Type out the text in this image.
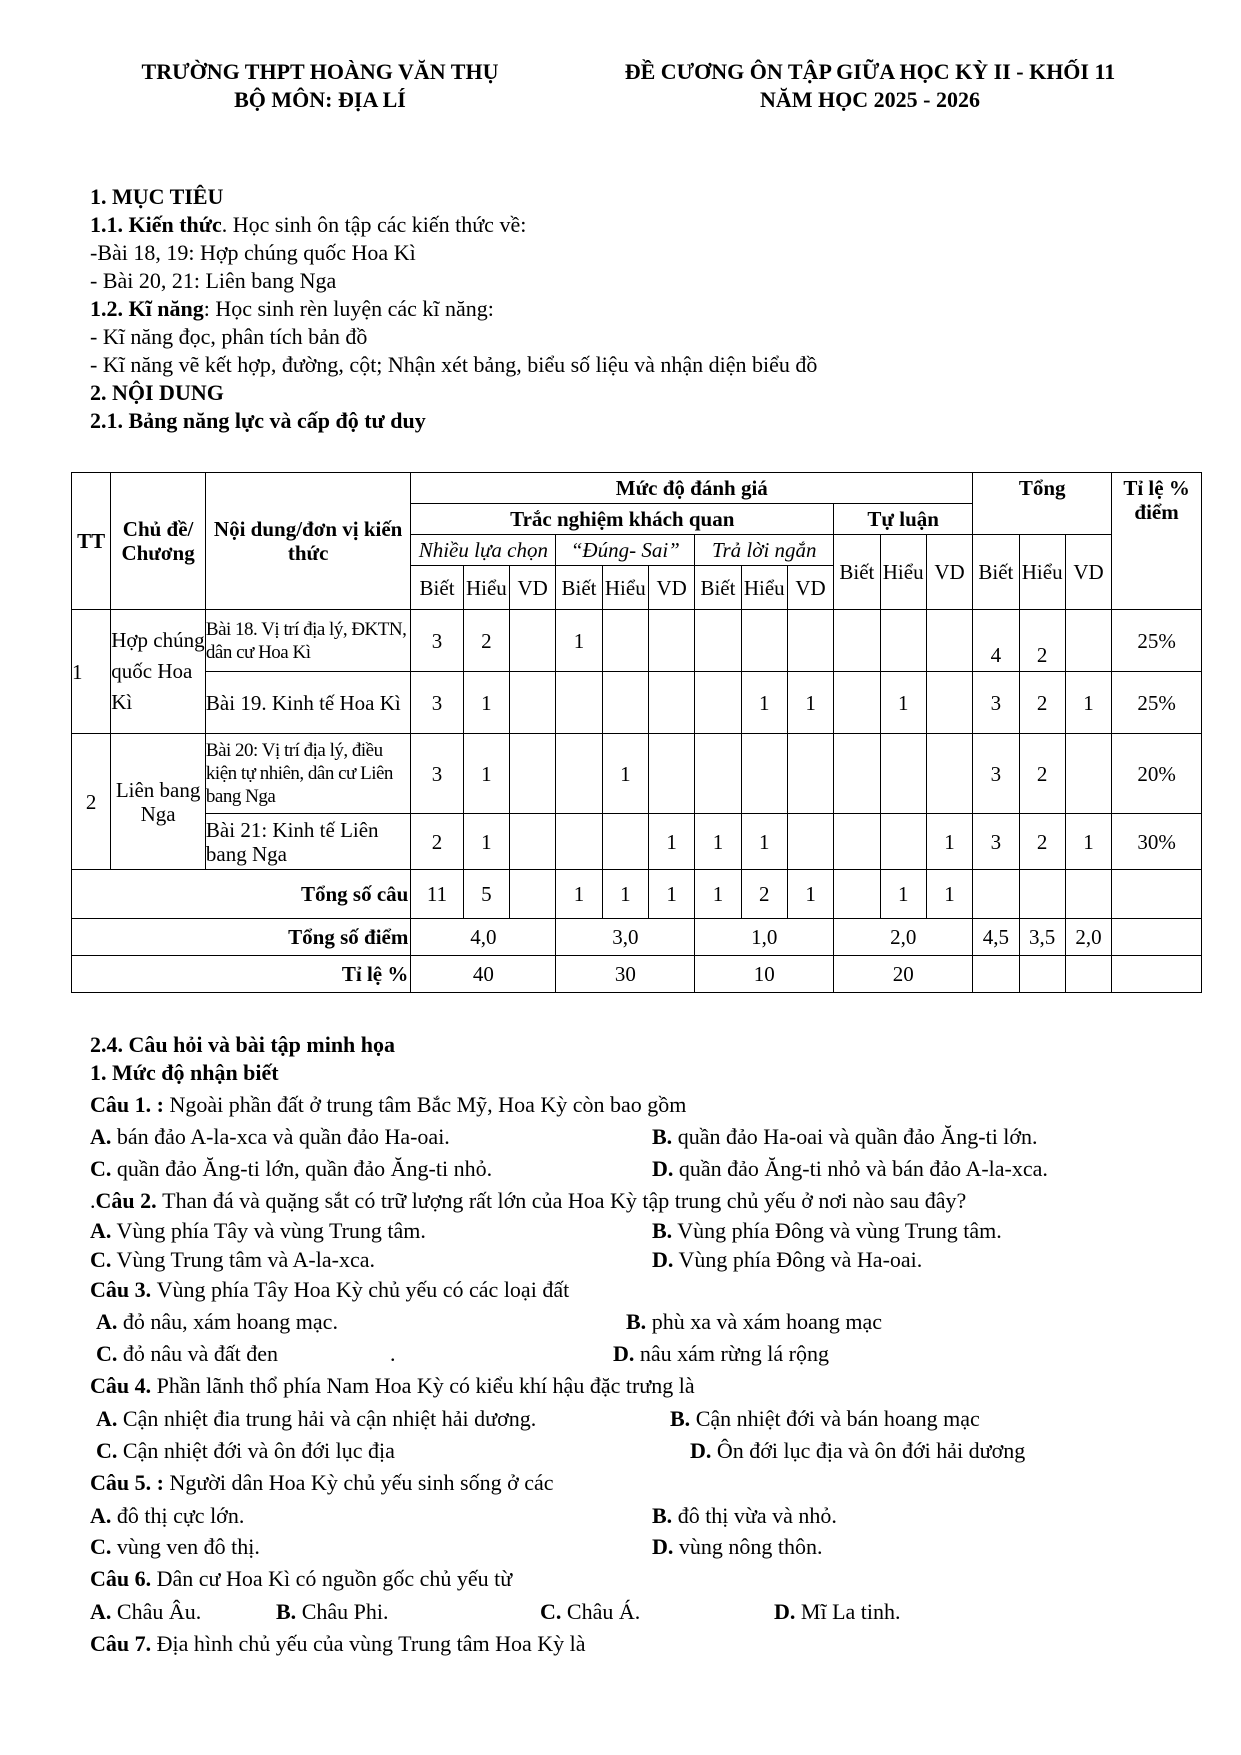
TRƯỜNG THPT HOÀNG VĂN THỤ
BỘ MÔN: ĐỊA LÍ
ĐỀ CƯƠNG ÔN TẬP GIỮA HỌC KỲ II - KHỐI 11
NĂM HỌC 2025 - 2026
1. MỤC TIÊU
1.1. Kiến thức. Học sinh ôn tập các kiến thức về:
-Bài 18, 19: Hợp chúng quốc Hoa Kì
- Bài 20, 21: Liên bang Nga
1.2. Kĩ năng: Học sinh rèn luyện các kĩ năng:
- Kĩ năng đọc, phân tích bản đồ
- Kĩ năng vẽ kết hợp, đường, cột; Nhận xét bảng, biểu số liệu và nhận diện biểu đồ
2. NỘI DUNG
2.1. Bảng năng lực và cấp độ tư duy
TT	Chủ đề/ Chương	Nội dung/đơn vị kiến thức	Mức độ đánh giá												Tổng			Tỉ lệ % điểm
			Trắc nghiệm khách quan									Tự luận						
			Nhiều lựa chọn			“Đúng- Sai”			Trả lời ngắn			Biết	Hiểu	VD	Biết	Hiểu	VD	
			Biết	Hiểu	VD	Biết	Hiểu	VD	Biết	Hiểu	VD							
1	Hợp chúng quốc Hoa Kì	Bài 18. Vị trí địa lý, ĐKTN, dân cư Hoa Kì	3	2		1									4	2		25%
		Bài 19. Kinh tế Hoa Kì	3	1						1	1		1		3	2	1	25%
2	Liên bang Nga	Bài 20: Vị trí địa lý, điều kiện tự nhiên, dân cư Liên bang Nga	3	1			1								3	2		20%
		Bài 21: Kinh tế Liên bang Nga	2	1				1	1	1				1	3	2	1	30%
Tổng số câu			11	5		1	1	1	1	2	1		1	1				
Tổng số điểm			4,0			3,0			1,0			2,0			4,5	3,5	2,0	
Tỉ lệ %			40			30			10			20						
2.4. Câu hỏi và bài tập minh họa
1. Mức độ nhận biết
Câu 1. : Ngoài phần đất ở trung tâm Bắc Mỹ, Hoa Kỳ còn bao gồm
A. bán đảo A-la-xca và quần đảo Ha-oai.	B. quần đảo Ha-oai và quần đảo Ăng-ti lớn.
C. quần đảo Ăng-ti lớn, quần đảo Ăng-ti nhỏ.	D. quần đảo Ăng-ti nhỏ và bán đảo A-la-xca.
.Câu 2. Than đá và quặng sắt có trữ lượng rất lớn của Hoa Kỳ tập trung chủ yếu ở nơi nào sau đây?
A. Vùng phía Tây và vùng Trung tâm.	B. Vùng phía Đông và vùng Trung tâm.
C. Vùng Trung tâm và A-la-xca.	D. Vùng phía Đông và Ha-oai.
Câu 3. Vùng phía Tây Hoa Kỳ chủ yếu có các loại đất
A. đỏ nâu, xám hoang mạc.	B. phù xa và xám hoang mạc
C. đỏ nâu và đất đen	.	D. nâu xám rừng lá rộng
Câu 4. Phần lãnh thổ phía Nam Hoa Kỳ có kiểu khí hậu đặc trưng là
A. Cận nhiệt đia trung hải và cận nhiệt hải dương.	B. Cận nhiệt đới và bán hoang mạc
C. Cận nhiệt đới và ôn đới lục địa	D. Ôn đới lục địa và ôn đới hải dương
Câu 5. : Người dân Hoa Kỳ chủ yếu sinh sống ở các
A. đô thị cực lớn.	B. đô thị vừa và nhỏ.
C. vùng ven đô thị.	D. vùng nông thôn.
Câu 6. Dân cư Hoa Kì có nguồn gốc chủ yếu từ
A. Châu Âu.	B. Châu Phi.	C. Châu Á.	D. Mĩ La tinh.
Câu 7. Địa hình chủ yếu của vùng Trung tâm Hoa Kỳ là
